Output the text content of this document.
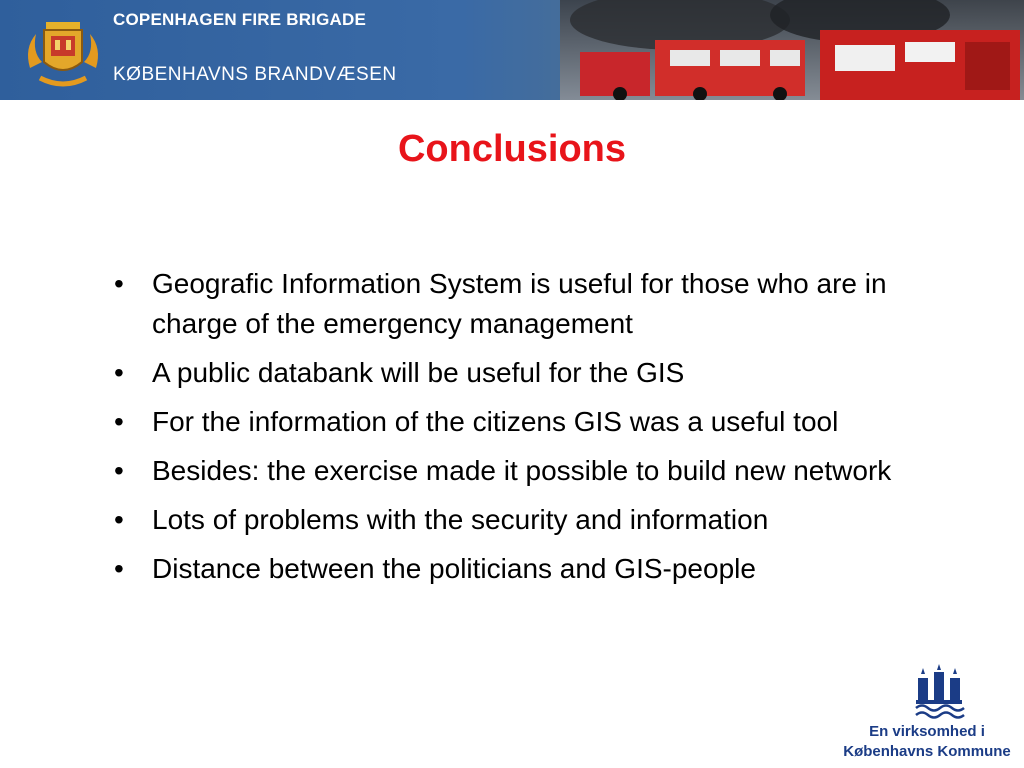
COPENHAGEN FIRE BRIGADE
KØBENHAVNS BRANDVÆSEN
Conclusions
• Geografic Information System is useful for those who are in charge of the emergency management
• A public databank will be useful for the GIS
• For the information of the citizens GIS was a useful tool
• Besides: the exercise made it possible to build new network
• Lots of problems with the security and information
• Distance between the politicians and GIS-people
En virksomhed i
Københavns Kommune
